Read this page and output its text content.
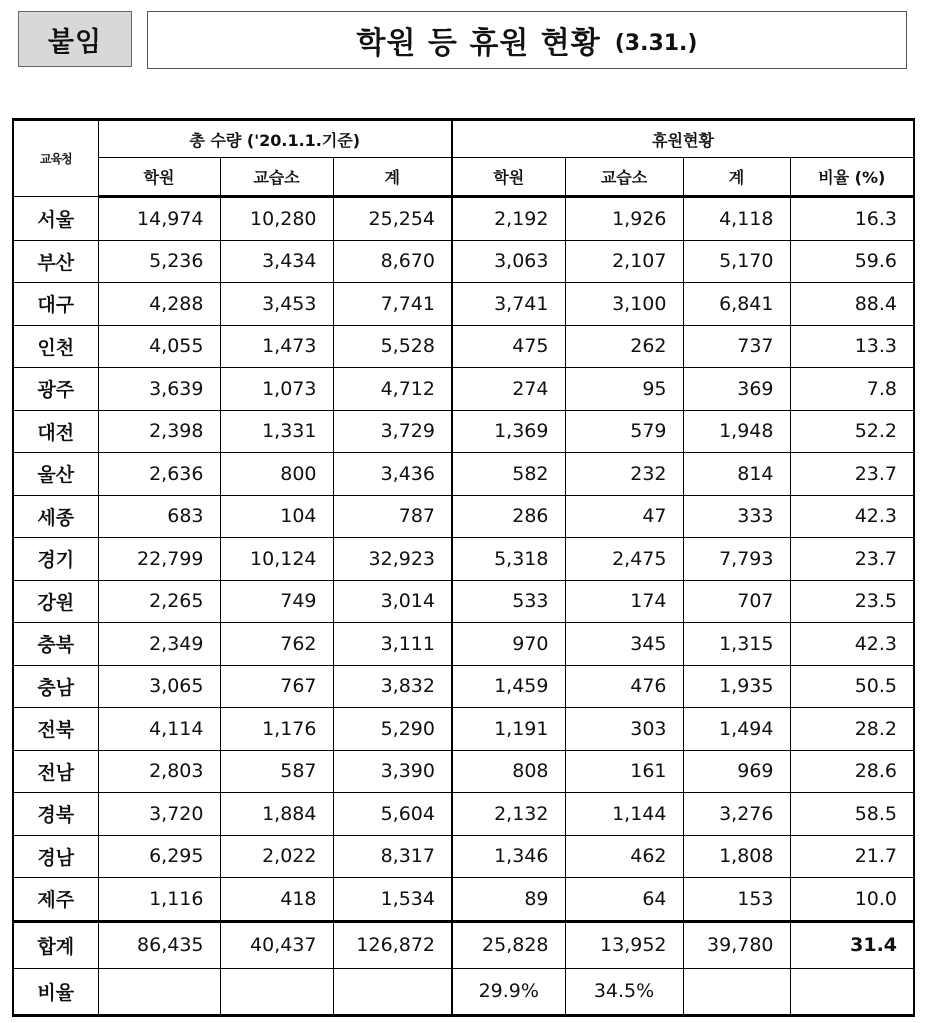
붙임	학원 등 휴원 현황 (3.31.)
교육청	총 수량 ('20.1.1.기준)			휴원현황			
	학원	교습소	계	학원	교습소	계	비율 (%)
서울	14,974	10,280	25,254	2,192	1,926	4,118	16.3
부산	5,236	3,434	8,670	3,063	2,107	5,170	59.6
대구	4,288	3,453	7,741	3,741	3,100	6,841	88.4
인천	4,055	1,473	5,528	475	262	737	13.3
광주	3,639	1,073	4,712	274	95	369	7.8
대전	2,398	1,331	3,729	1,369	579	1,948	52.2
울산	2,636	800	3,436	582	232	814	23.7
세종	683	104	787	286	47	333	42.3
경기	22,799	10,124	32,923	5,318	2,475	7,793	23.7
강원	2,265	749	3,014	533	174	707	23.5
충북	2,349	762	3,111	970	345	1,315	42.3
충남	3,065	767	3,832	1,459	476	1,935	50.5
전북	4,114	1,176	5,290	1,191	303	1,494	28.2
전남	2,803	587	3,390	808	161	969	28.6
경북	3,720	1,884	5,604	2,132	1,144	3,276	58.5
경남	6,295	2,022	8,317	1,346	462	1,808	21.7
제주	1,116	418	1,534	89	64	153	10.0
합계	86,435	40,437	126,872	25,828	13,952	39,780	31.4
비율				29.9%	34.5%		
